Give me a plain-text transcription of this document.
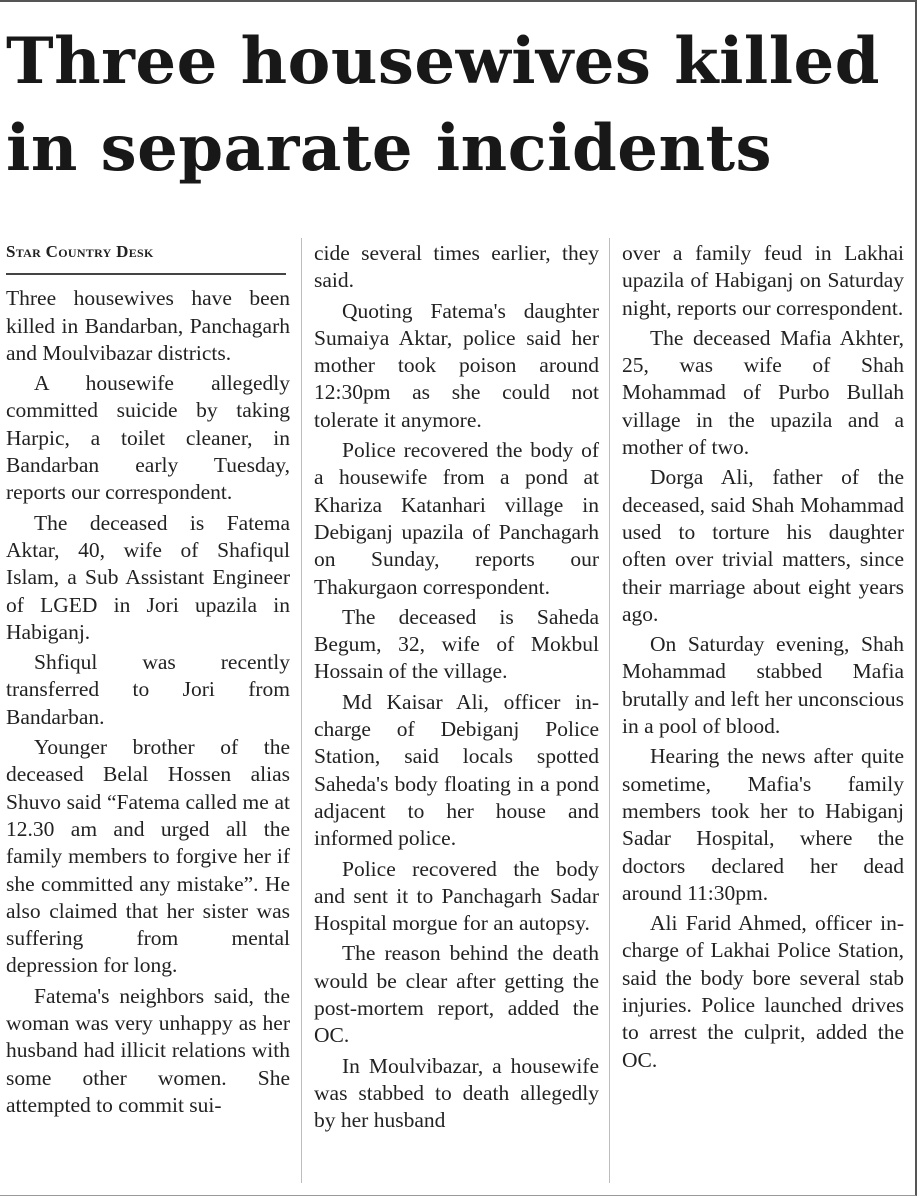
Three housewives killed in separate incidents
Star Country Desk

Three housewives have been killed in Bandarban, Panchagarh and Moulvibazar districts.

A housewife allegedly committed suicide by taking Harpic, a toilet cleaner, in Bandarban early Tuesday, reports our correspondent.

The deceased is Fatema Aktar, 40, wife of Shafiqul Islam, a Sub Assistant Engineer of LGED in Jori upazila in Habiganj.

Shfiqul was recently transferred to Jori from Bandarban.

Younger brother of the deceased Belal Hossen alias Shuvo said “Fatema called me at 12.30 am and urged all the family members to forgive her if she committed any mistake”. He also claimed that her sister was suffering from mental depression for long.

Fatema's neighbors said, the woman was very unhappy as her husband had illicit relations with some other women. She attempted to commit sui-

cide several times earlier, they said.

Quoting Fatema's daughter Sumaiya Aktar, police said her mother took poison around 12:30pm as she could not tolerate it anymore.

Police recovered the body of a housewife from a pond at Khariza Katanhari village in Debiganj upazila of Panchagarh on Sunday, reports our Thakurgaon correspondent.

The deceased is Saheda Begum, 32, wife of Mokbul Hossain of the village.

Md Kaisar Ali, officer in-charge of Debiganj Police Station, said locals spotted Saheda's body floating in a pond adjacent to her house and informed police.

Police recovered the body and sent it to Panchagarh Sadar Hospital morgue for an autopsy.

The reason behind the death would be clear after getting the post-mortem report, added the OC.

In Moulvibazar, a housewife was stabbed to death allegedly by her husband

over a family feud in Lakhai upazila of Habiganj on Saturday night, reports our correspondent.

The deceased Mafia Akhter, 25, was wife of Shah Mohammad of Purbo Bullah village in the upazila and a mother of two.

Dorga Ali, father of the deceased, said Shah Mohammad used to torture his daughter often over trivial matters, since their marriage about eight years ago.

On Saturday evening, Shah Mohammad stabbed Mafia brutally and left her unconscious in a pool of blood.

Hearing the news after quite sometime, Mafia's family members took her to Habiganj Sadar Hospital, where the doctors declared her dead around 11:30pm.

Ali Farid Ahmed, officer in-charge of Lakhai Police Station, said the body bore several stab injuries. Police launched drives to arrest the culprit, added the OC.
